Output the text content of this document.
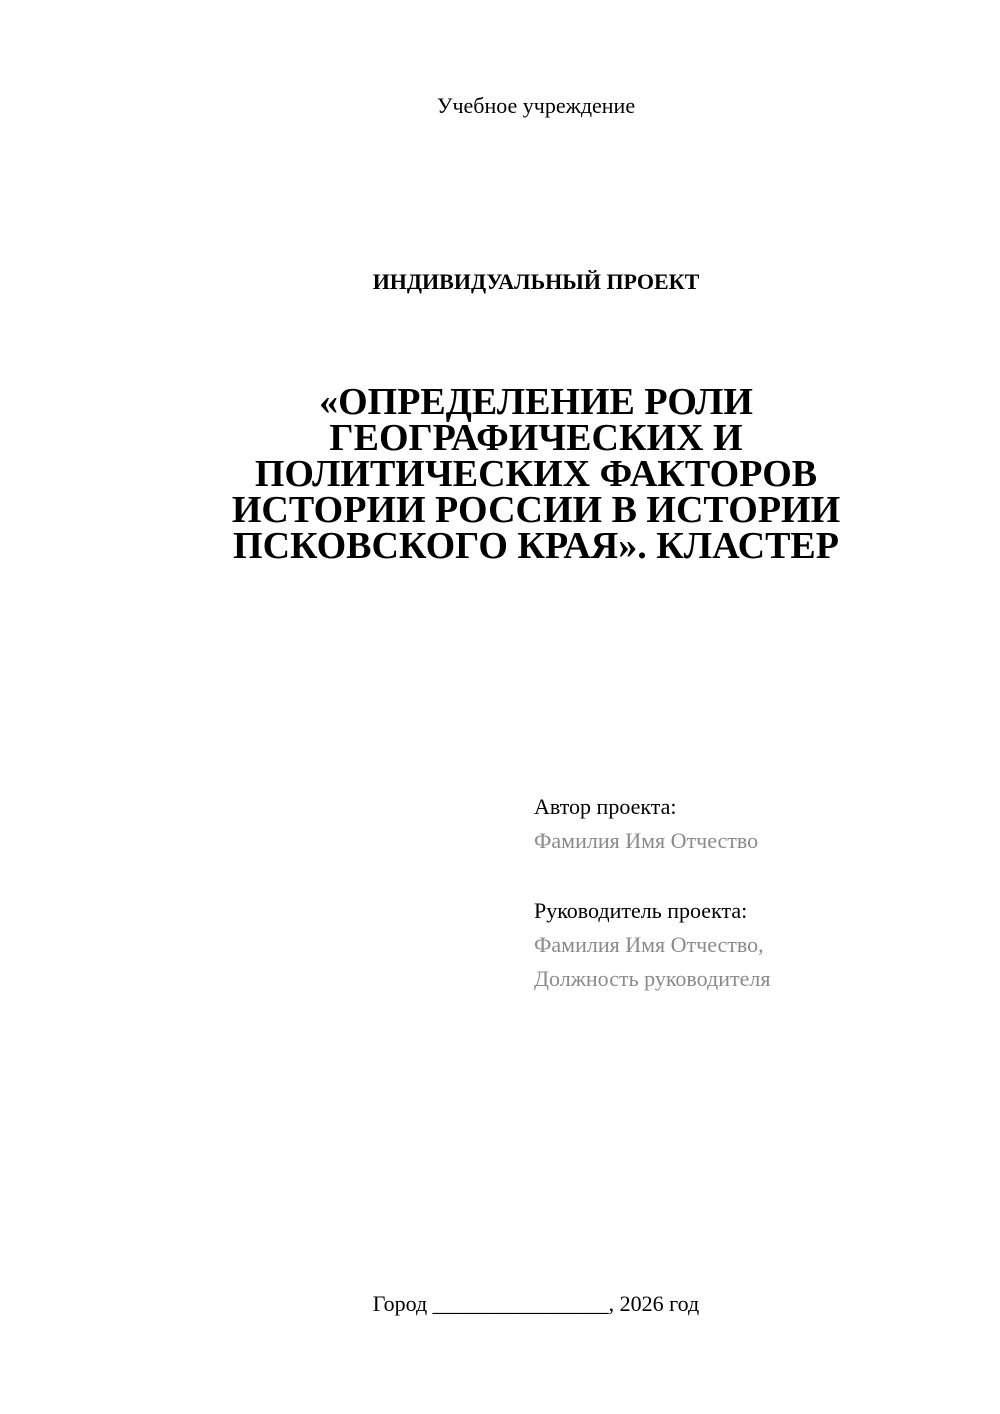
Учебное учреждение
ИНДИВИДУАЛЬНЫЙ ПРОЕКТ
«ОПРЕДЕЛЕНИЕ РОЛИ
ГЕОГРАФИЧЕСКИХ И
ПОЛИТИЧЕСКИХ ФАКТОРОВ
ИСТОРИИ РОССИИ В ИСТОРИИ
ПСКОВСКОГО КРАЯ». КЛАСТЕР
Автор проекта:
Фамилия Имя Отчество
Руководитель проекта:
Фамилия Имя Отчество,
Должность руководителя
Город ________________, 2026 год
